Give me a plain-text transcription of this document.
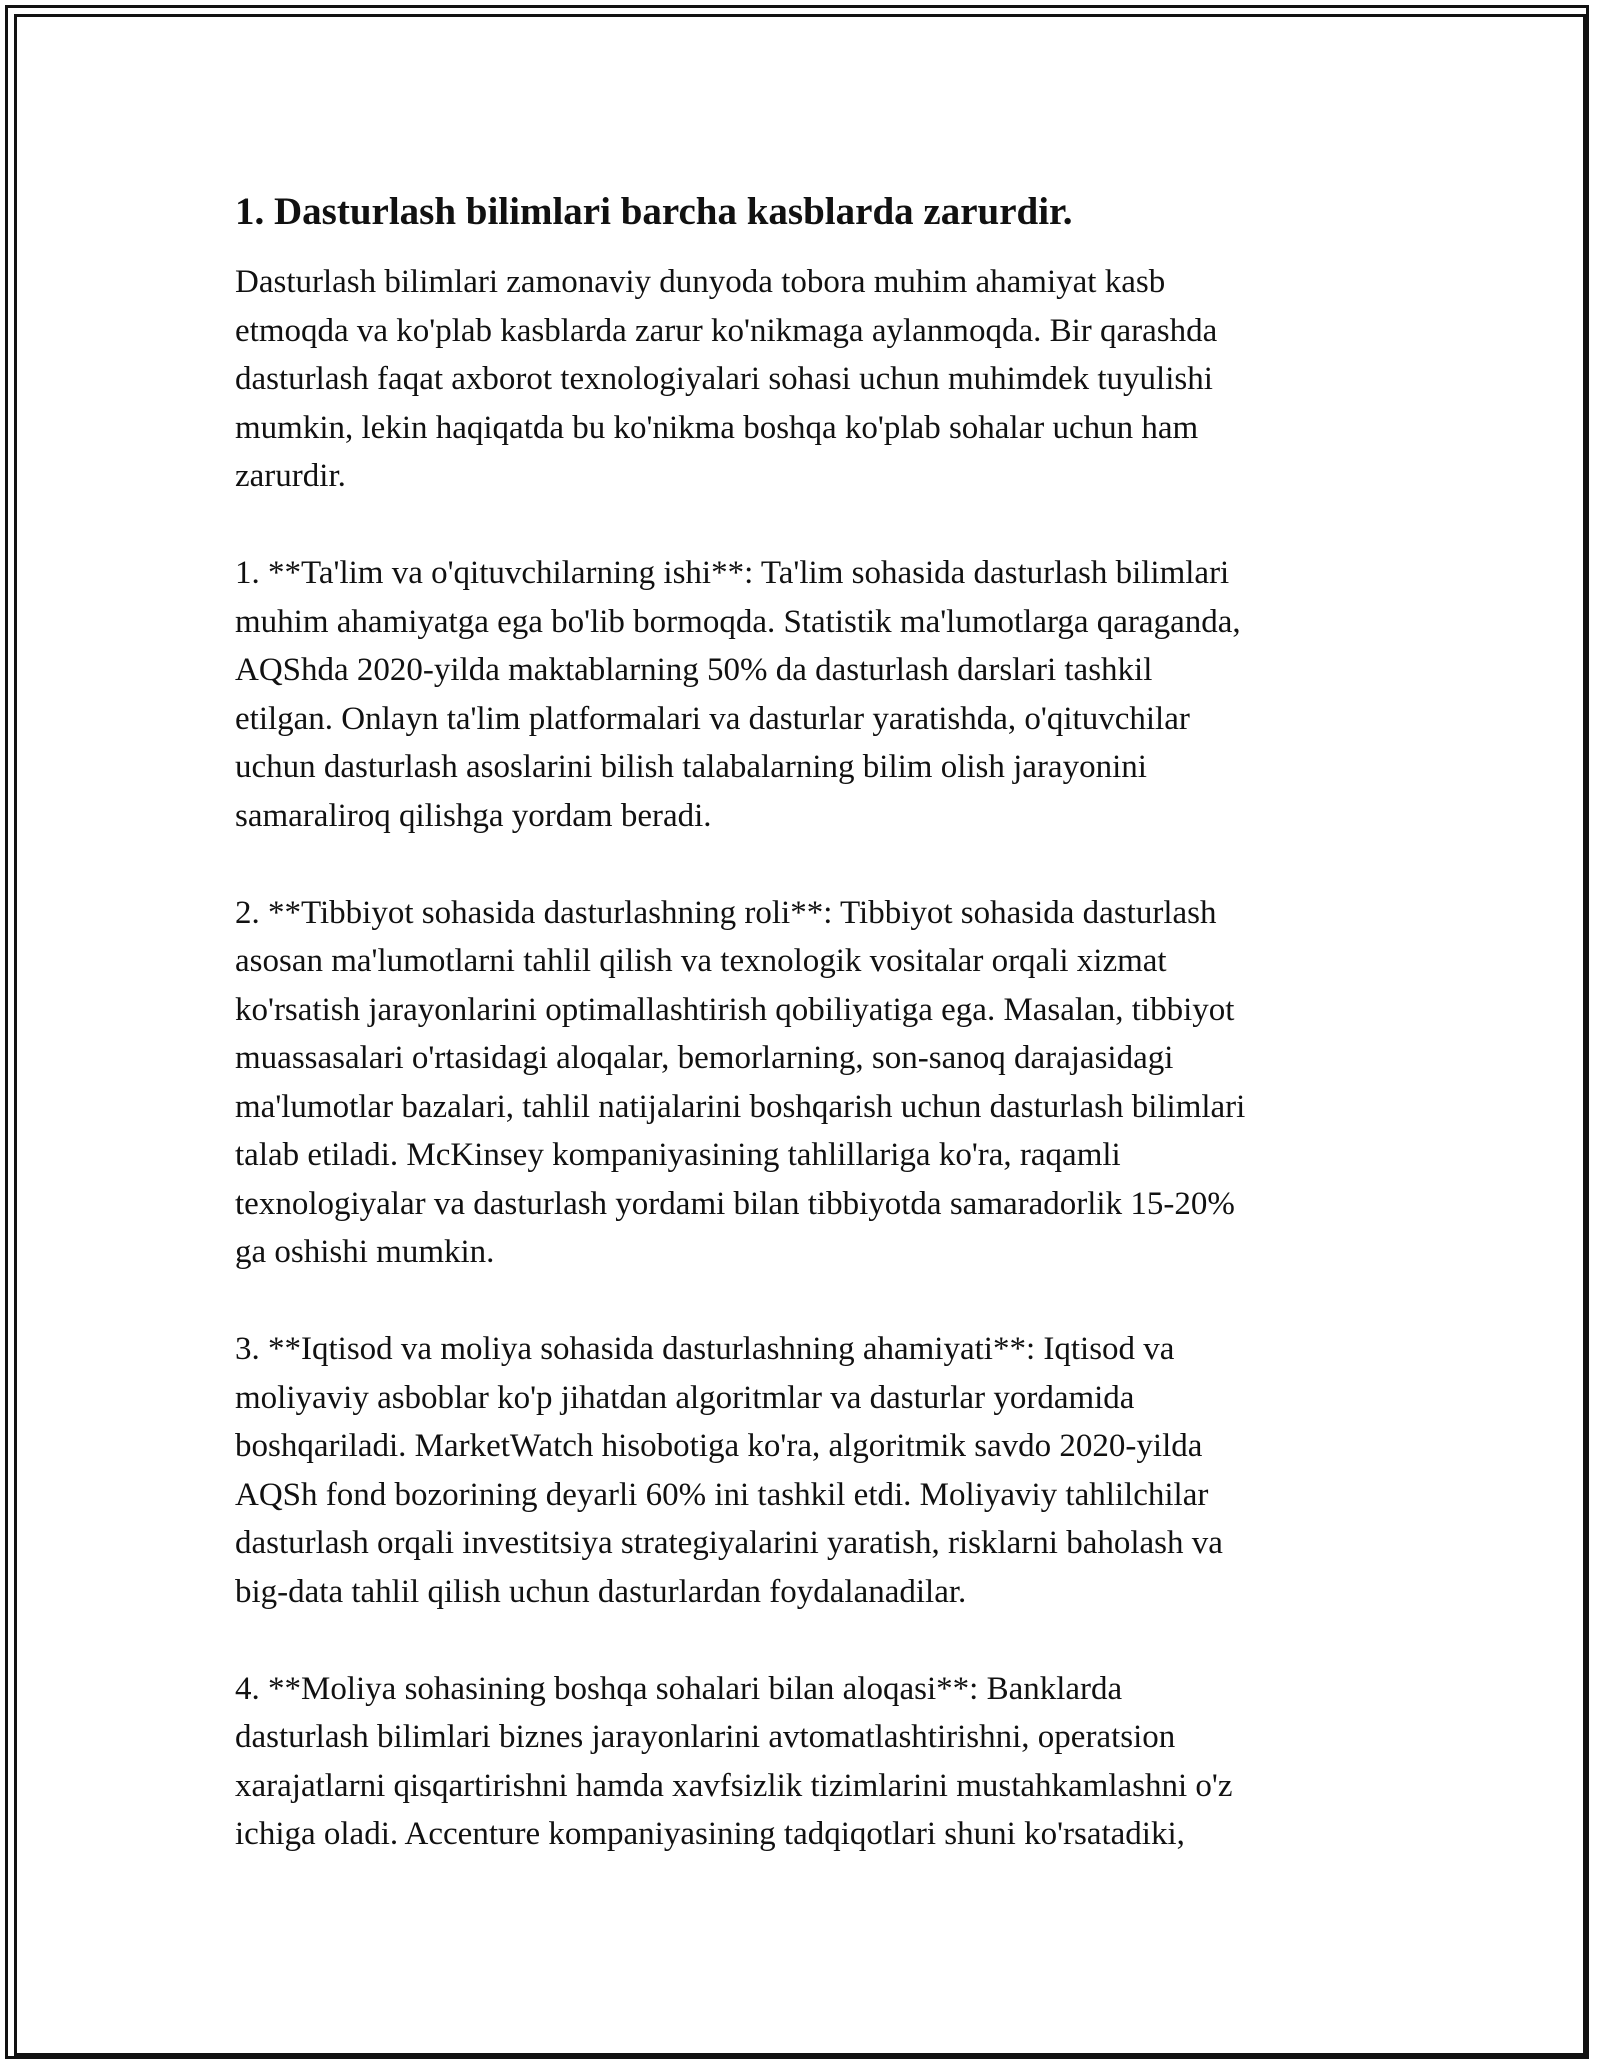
1. Dasturlash bilimlari barcha kasblarda zarurdir.

Dasturlash bilimlari zamonaviy dunyoda tobora muhim ahamiyat kasb
etmoqda va ko'plab kasblarda zarur ko'nikmaga aylanmoqda. Bir qarashda
dasturlash faqat axborot texnologiyalari sohasi uchun muhimdek tuyulishi
mumkin, lekin haqiqatda bu ko'nikma boshqa ko'plab sohalar uchun ham
zarurdir.

1. **Ta'lim va o'qituvchilarning ishi**: Ta'lim sohasida dasturlash bilimlari
muhim ahamiyatga ega bo'lib bormoqda. Statistik ma'lumotlarga qaraganda,
AQShda 2020-yilda maktablarning 50% da dasturlash darslari tashkil
etilgan. Onlayn ta'lim platformalari va dasturlar yaratishda, o'qituvchilar
uchun dasturlash asoslarini bilish talabalarning bilim olish jarayonini
samaraliroq qilishga yordam beradi.

2. **Tibbiyot sohasida dasturlashning roli**: Tibbiyot sohasida dasturlash
asosan ma'lumotlarni tahlil qilish va texnologik vositalar orqali xizmat
ko'rsatish jarayonlarini optimallashtirish qobiliyatiga ega. Masalan, tibbiyot
muassasalari o'rtasidagi aloqalar, bemorlarning, son-sanoq darajasidagi
ma'lumotlar bazalari, tahlil natijalarini boshqarish uchun dasturlash bilimlari
talab etiladi. McKinsey kompaniyasining tahlillariga ko'ra, raqamli
texnologiyalar va dasturlash yordami bilan tibbiyotda samaradorlik 15-20%
ga oshishi mumkin.

3. **Iqtisod va moliya sohasida dasturlashning ahamiyati**: Iqtisod va
moliyaviy asboblar ko'p jihatdan algoritmlar va dasturlar yordamida
boshqariladi. MarketWatch hisobotiga ko'ra, algoritmik savdo 2020-yilda
AQSh fond bozorining deyarli 60% ini tashkil etdi. Moliyaviy tahlilchilar
dasturlash orqali investitsiya strategiyalarini yaratish, risklarni baholash va
big-data tahlil qilish uchun dasturlardan foydalanadilar.

4. **Moliya sohasining boshqa sohalari bilan aloqasi**: Banklarda
dasturlash bilimlari biznes jarayonlarini avtomatlashtirishni, operatsion
xarajatlarni qisqartirishni hamda xavfsizlik tizimlarini mustahkamlashni o'z
ichiga oladi. Accenture kompaniyasining tadqiqotlari shuni ko'rsatadiki,
